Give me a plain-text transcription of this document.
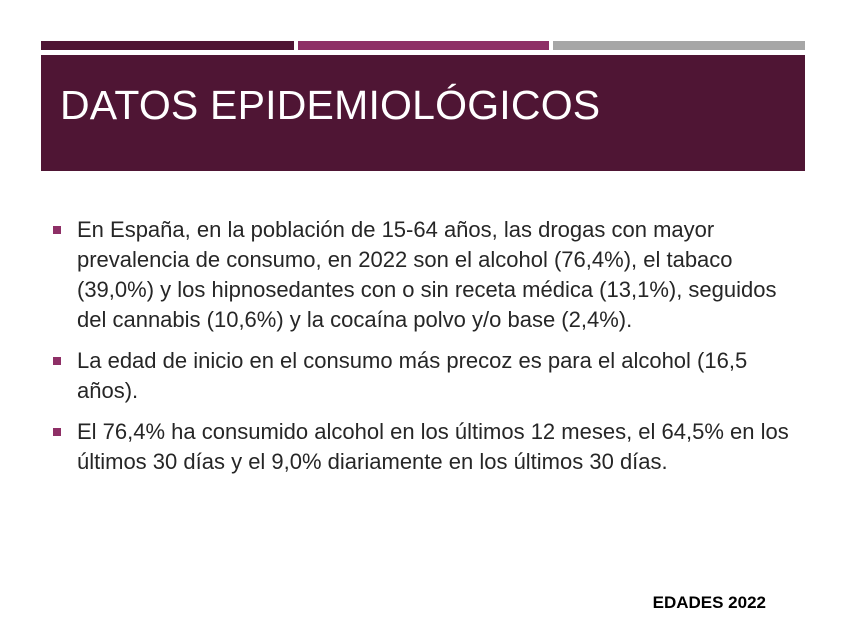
DATOS EPIDEMIOLÓGICOS
En España, en la población de 15-64 años, las drogas con mayor prevalencia de consumo, en 2022 son el alcohol (76,4%), el tabaco (39,0%) y los hipnosedantes con o sin receta médica (13,1%), seguidos del cannabis (10,6%) y la cocaína polvo y/o base (2,4%).
La edad de inicio en el consumo más precoz es para el alcohol (16,5 años).
El 76,4% ha consumido alcohol en los últimos 12 meses, el 64,5% en los últimos 30 días y el 9,0% diariamente en los últimos 30 días.
EDADES 2022
